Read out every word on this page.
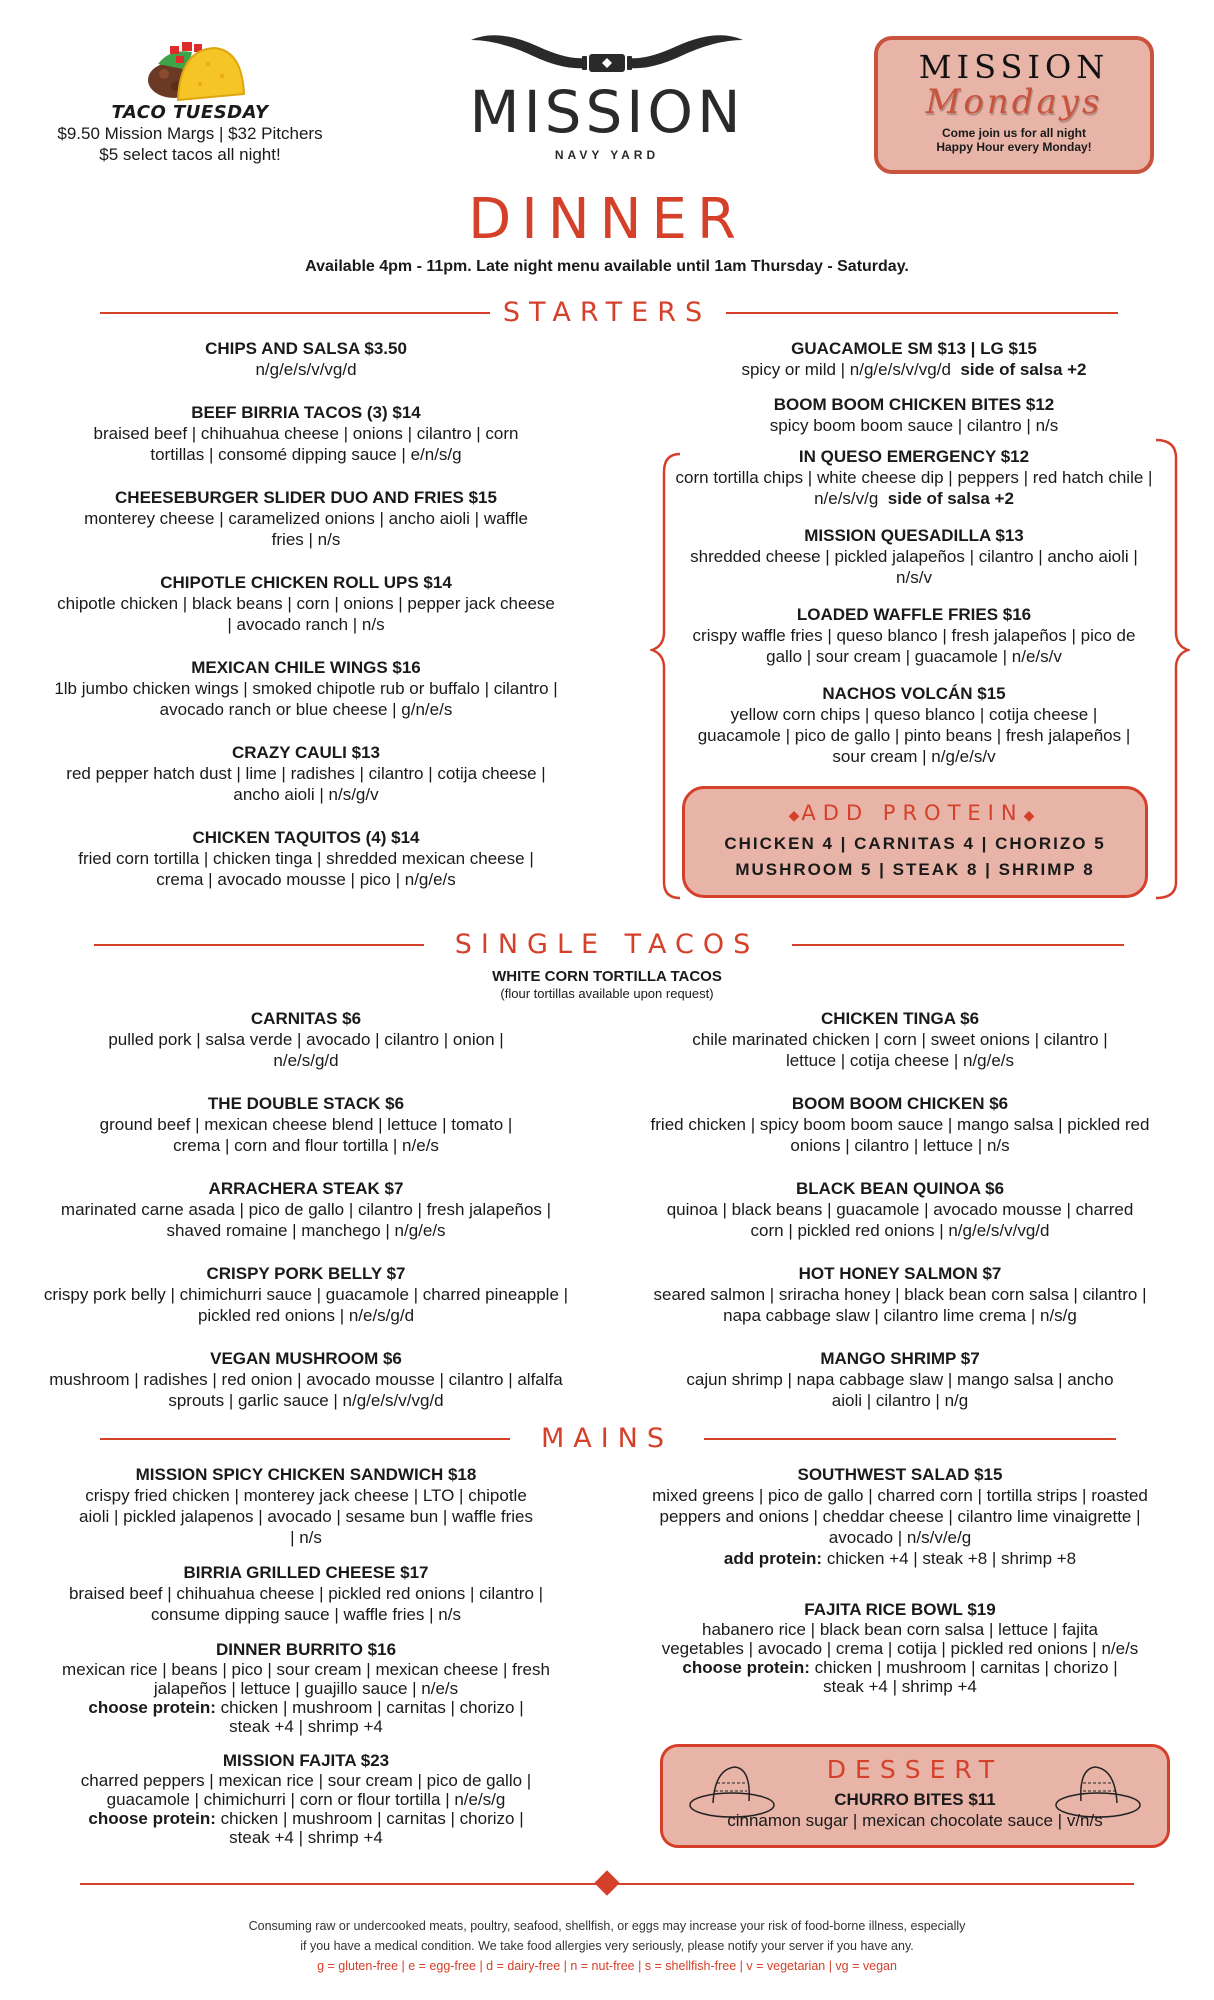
TACO TUESDAY
$9.50 Mission Margs | $32 Pitchers
$5 select tacos all night!
MISSION
NAVY YARD
MISSION
Mondays
Come join us for all night
Happy Hour every Monday!
DINNER
Available 4pm - 11pm. Late night menu available until 1am Thursday - Saturday.
STARTERS
CHIPS AND SALSA $3.50
n/g/e/s/v/vg/d
BEEF BIRRIA TACOS (3) $14
braised beef | chihuahua cheese | onions | cilantro | corn tortillas | consomé dipping sauce | e/n/s/g
CHEESEBURGER SLIDER DUO AND FRIES $15
monterey cheese | caramelized onions | ancho aioli | waffle fries | n/s
CHIPOTLE CHICKEN ROLL UPS $14
chipotle chicken | black beans | corn | onions | pepper jack cheese | avocado ranch | n/s
MEXICAN CHILE WINGS $16
1lb jumbo chicken wings | smoked chipotle rub or buffalo | cilantro | avocado ranch or blue cheese | g/n/e/s
CRAZY CAULI $13
red pepper hatch dust | lime | radishes | cilantro | cotija cheese | ancho aioli | n/s/g/v
CHICKEN TAQUITOS (4) $14
fried corn tortilla | chicken tinga | shredded mexican cheese | crema | avocado mousse | pico | n/g/e/s
GUACAMOLE SM $13 | LG $15
spicy or mild | n/g/e/s/v/vg/d side of salsa +2
BOOM BOOM CHICKEN BITES $12
spicy boom boom sauce | cilantro | n/s
IN QUESO EMERGENCY $12
corn tortilla chips | white cheese dip | peppers | red hatch chile | n/e/s/v/g side of salsa +2
MISSION QUESADILLA $13
shredded cheese | pickled jalapeños | cilantro | ancho aioli | n/s/v
LOADED WAFFLE FRIES $16
crispy waffle fries | queso blanco | fresh jalapeños | pico de gallo | sour cream | guacamole | n/e/s/v
NACHOS VOLCÁN $15
yellow corn chips | queso blanco | cotija cheese | guacamole | pico de gallo | pinto beans | fresh jalapeños | sour cream | n/g/e/s/v
◆ADD PROTEIN◆
CHICKEN 4 | CARNITAS 4 | CHORIZO 5
MUSHROOM 5 | STEAK 8 | SHRIMP 8
SINGLE TACOS
WHITE CORN TORTILLA TACOS
(flour tortillas available upon request)
CARNITAS $6
pulled pork | salsa verde | avocado | cilantro | onion | n/e/s/g/d
THE DOUBLE STACK $6
ground beef | mexican cheese blend | lettuce | tomato | crema | corn and flour tortilla | n/e/s
ARRACHERA STEAK $7
marinated carne asada | pico de gallo | cilantro | fresh jalapeños | shaved romaine | manchego | n/g/e/s
CRISPY PORK BELLY $7
crispy pork belly | chimichurri sauce | guacamole | charred pineapple | pickled red onions | n/e/s/g/d
VEGAN MUSHROOM $6
mushroom | radishes | red onion | avocado mousse | cilantro | alfalfa sprouts | garlic sauce | n/g/e/s/v/vg/d
CHICKEN TINGA $6
chile marinated chicken | corn | sweet onions | cilantro | lettuce | cotija cheese | n/g/e/s
BOOM BOOM CHICKEN $6
fried chicken | spicy boom boom sauce | mango salsa | pickled red onions | cilantro | lettuce | n/s
BLACK BEAN QUINOA $6
quinoa | black beans | guacamole | avocado mousse | charred corn | pickled red onions | n/g/e/s/v/vg/d
HOT HONEY SALMON $7
seared salmon | sriracha honey | black bean corn salsa | cilantro | napa cabbage slaw | cilantro lime crema | n/s/g
MANGO SHRIMP $7
cajun shrimp | napa cabbage slaw | mango salsa | ancho aioli | cilantro | n/g
MAINS
MISSION SPICY CHICKEN SANDWICH $18
crispy fried chicken | monterey jack cheese | LTO | chipotle aioli | pickled jalapenos | avocado | sesame bun | waffle fries | n/s
BIRRIA GRILLED CHEESE $17
braised beef | chihuahua cheese | pickled red onions | cilantro | consume dipping sauce | waffle fries | n/s
DINNER BURRITO $16
mexican rice | beans | pico | sour cream | mexican cheese | fresh jalapeños | lettuce | guajillo sauce | n/e/s
choose protein: chicken | mushroom | carnitas | chorizo | steak +4 | shrimp +4
MISSION FAJITA $23
charred peppers | mexican rice | sour cream | pico de gallo | guacamole | chimichurri | corn or flour tortilla | n/e/s/g
choose protein: chicken | mushroom | carnitas | chorizo | steak +4 | shrimp +4
SOUTHWEST SALAD $15
mixed greens | pico de gallo | charred corn | tortilla strips | roasted peppers and onions | cheddar cheese | cilantro lime vinaigrette | avocado | n/s/v/e/g
add protein: chicken +4 | steak +8 | shrimp +8
FAJITA RICE BOWL $19
habanero rice | black bean corn salsa | lettuce | fajita vegetables | avocado | crema | cotija | pickled red onions | n/e/s
choose protein: chicken | mushroom | carnitas | chorizo | steak +4 | shrimp +4
DESSERT
CHURRO BITES $11
cinnamon sugar | mexican chocolate sauce | v/n/s
Consuming raw or undercooked meats, poultry, seafood, shellfish, or eggs may increase your risk of food-borne illness, especially
if you have a medical condition. We take food allergies very seriously, please notify your server if you have any.
g = gluten-free | e = egg-free | d = dairy-free | n = nut-free | s = shellfish-free | v = vegetarian | vg = vegan
